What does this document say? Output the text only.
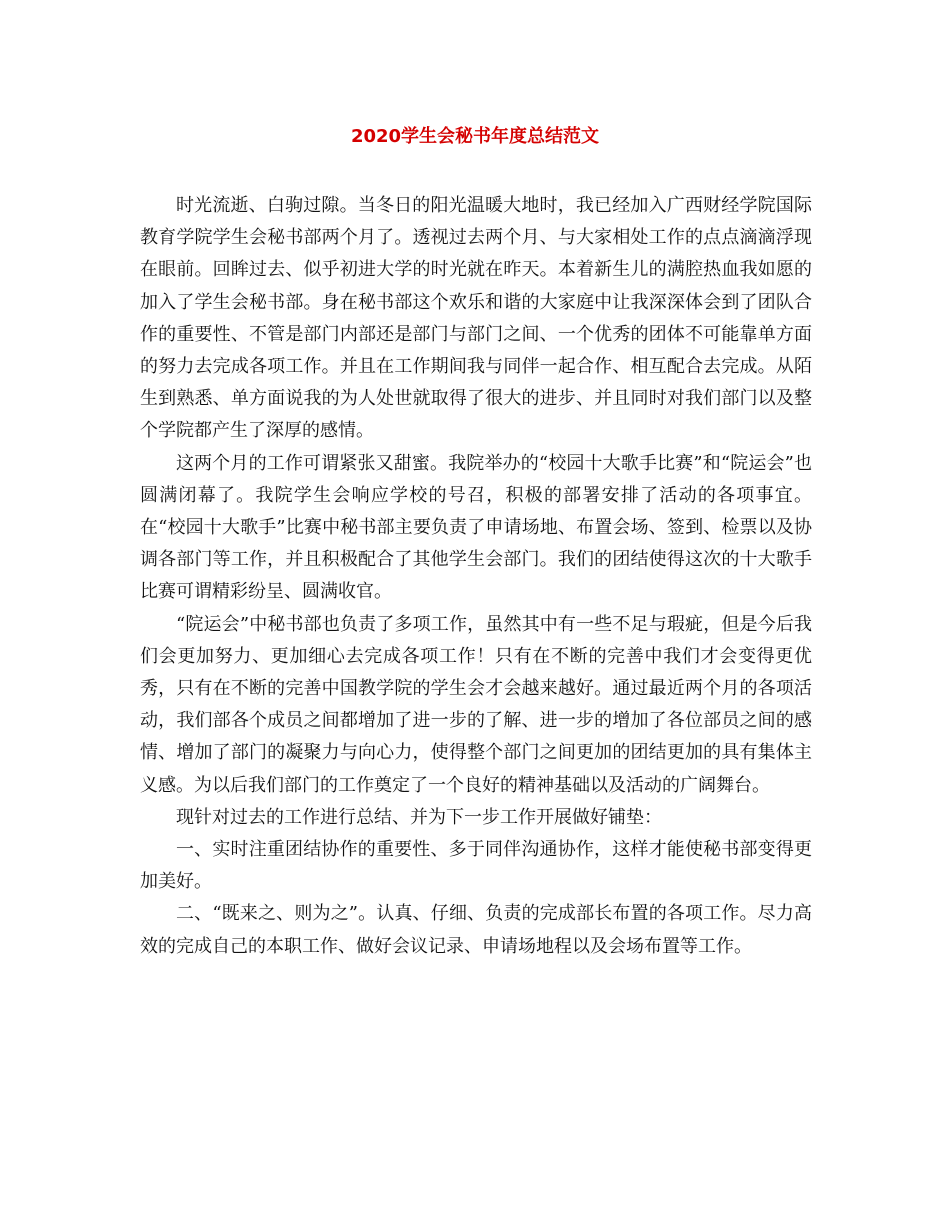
2020学生会秘书年度总结范文

时光流逝、白驹过隙。当冬日的阳光温暖大地时，我已经加入广西财经学院国际教育学院学生会秘书部两个月了。透视过去两个月、与大家相处工作的点点滴滴浮现在眼前。回眸过去、似乎初进大学的时光就在昨天。本着新生儿的满腔热血我如愿的加入了学生会秘书部。身在秘书部这个欢乐和谐的大家庭中让我深深体会到了团队合作的重要性、不管是部门内部还是部门与部门之间、一个优秀的团体不可能靠单方面的努力去完成各项工作。并且在工作期间我与同伴一起合作、相互配合去完成。从陌生到熟悉、单方面说我的为人处世就取得了很大的进步、并且同时对我们部门以及整个学院都产生了深厚的感情。

这两个月的工作可谓紧张又甜蜜。我院举办的“校园十大歌手比赛”和“院运会”也圆满闭幕了。我院学生会响应学校的号召，积极的部署安排了活动的各项事宜。在“校园十大歌手”比赛中秘书部主要负责了申请场地、布置会场、签到、检票以及协调各部门等工作，并且积极配合了其他学生会部门。我们的团结使得这次的十大歌手比赛可谓精彩纷呈、圆满收官。

“院运会”中秘书部也负责了多项工作，虽然其中有一些不足与瑕疵，但是今后我们会更加努力、更加细心去完成各项工作！只有在不断的完善中我们才会变得更优秀，只有在不断的完善中国教学院的学生会才会越来越好。通过最近两个月的各项活动，我们部各个成员之间都增加了进一步的了解、进一步的增加了各位部员之间的感情、增加了部门的凝聚力与向心力，使得整个部门之间更加的团结更加的具有集体主义感。为以后我们部门的工作奠定了一个良好的精神基础以及活动的广阔舞台。

现针对过去的工作进行总结、并为下一步工作开展做好铺垫：

一、实时注重团结协作的重要性、多于同伴沟通协作，这样才能使秘书部变得更加美好。

二、“既来之、则为之”。认真、仔细、负责的完成部长布置的各项工作。尽力高效的完成自己的本职工作、做好会议记录、申请场地程以及会场布置等工作。
